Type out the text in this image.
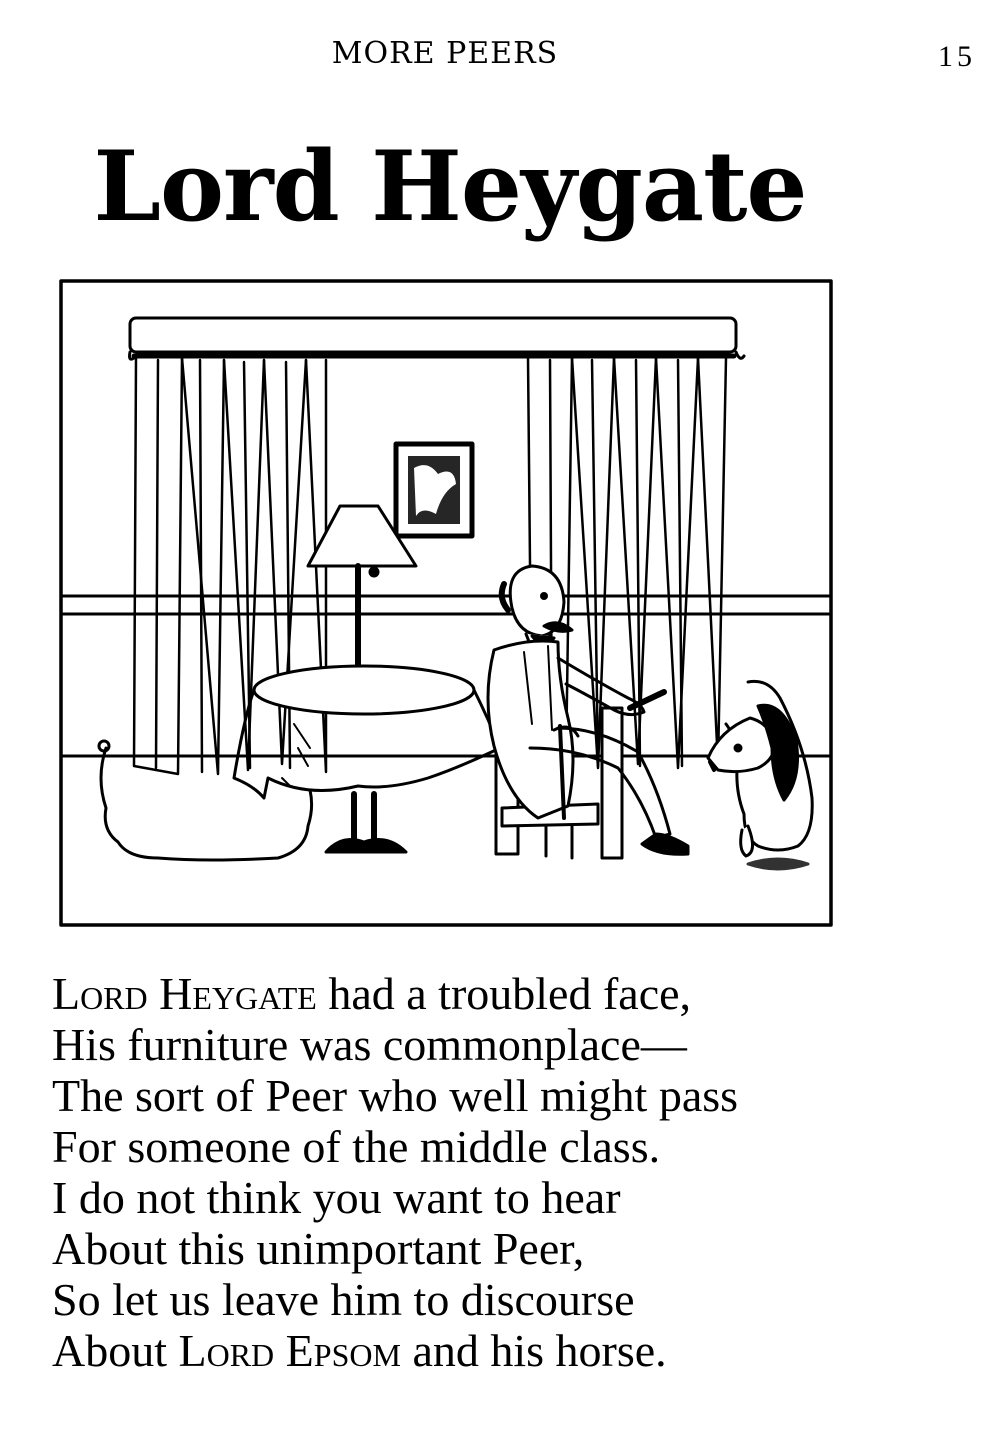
MORE PEERS	15
Lord Heygate
Lord Heygate had a troubled face,
His furniture was commonplace—
The sort of Peer who well might pass
For someone of the middle class.
I do not think you want to hear
About this unimportant Peer,
So let us leave him to discourse
About Lord Epsom and his horse.
